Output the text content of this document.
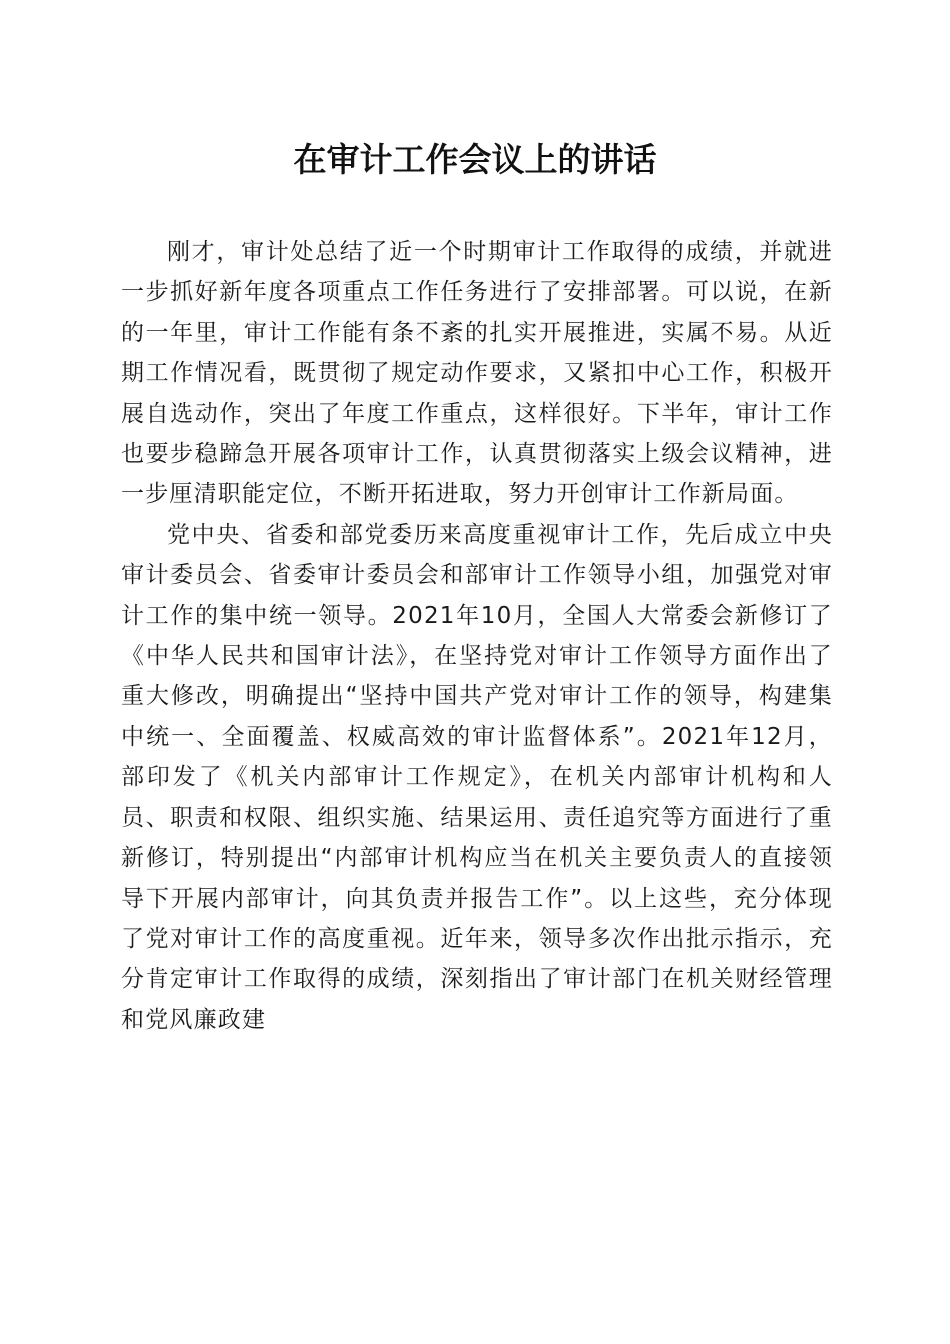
在审计工作会议上的讲话

刚才，审计处总结了近一个时期审计工作取得的成绩，并就进一步抓好新年度各项重点工作任务进行了安排部署。可以说，在新的一年里，审计工作能有条不紊的扎实开展推进，实属不易。从近期工作情况看，既贯彻了规定动作要求，又紧扣中心工作，积极开展自选动作，突出了年度工作重点，这样很好。下半年，审计工作也要步稳蹄急开展各项审计工作，认真贯彻落实上级会议精神，进一步厘清职能定位，不断开拓进取，努力开创审计工作新局面。

党中央、省委和部党委历来高度重视审计工作，先后成立中央审计委员会、省委审计委员会和部审计工作领导小组，加强党对审计工作的集中统一领导。2021年10月，全国人大常委会新修订了《中华人民共和国审计法》，在坚持党对审计工作领导方面作出了重大修改，明确提出“坚持中国共产党对审计工作的领导，构建集中统一、全面覆盖、权威高效的审计监督体系”。2021年12月，部印发了《机关内部审计工作规定》，在机关内部审计机构和人员、职责和权限、组织实施、结果运用、责任追究等方面进行了重新修订，特别提出“内部审计机构应当在机关主要负责人的直接领导下开展内部审计，向其负责并报告工作”。以上这些，充分体现了党对审计工作的高度重视。近年来，领导多次作出批示指示，充分肯定审计工作取得的成绩，深刻指出了审计部门在机关财经管理和党风廉政建
